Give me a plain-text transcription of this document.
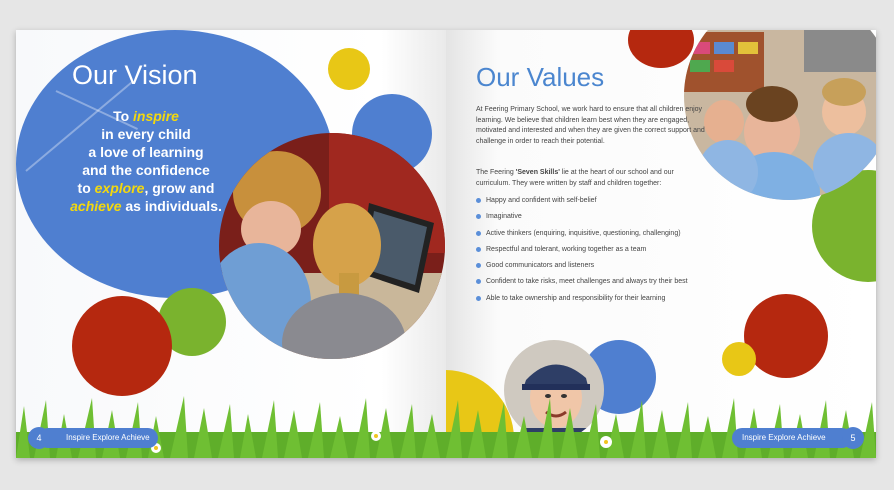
Our Vision
To inspire
in every child
a love of learning
and the confidence
to explore, grow and
achieve as individuals.
Our Values
At Feering Primary School, we work hard to ensure that all children enjoy learning. We believe that children learn best when they are engaged, motivated and interested and when they are given the correct support and challenge in order to reach their potential.
The Feering 'Seven Skills' lie at the heart of our school and our curriculum. They were written by staff and children together:
Happy and confident with self-belief
Imaginative
Active thinkers (enquiring, inquisitive, questioning, challenging)
Respectful and tolerant, working together as a team
Good communicators and listeners
Confident to take risks, meet challenges and always try their best
Able to take ownership and responsibility for their learning
Inspire Explore Achieve
4	Inspire Explore Achieve	5
